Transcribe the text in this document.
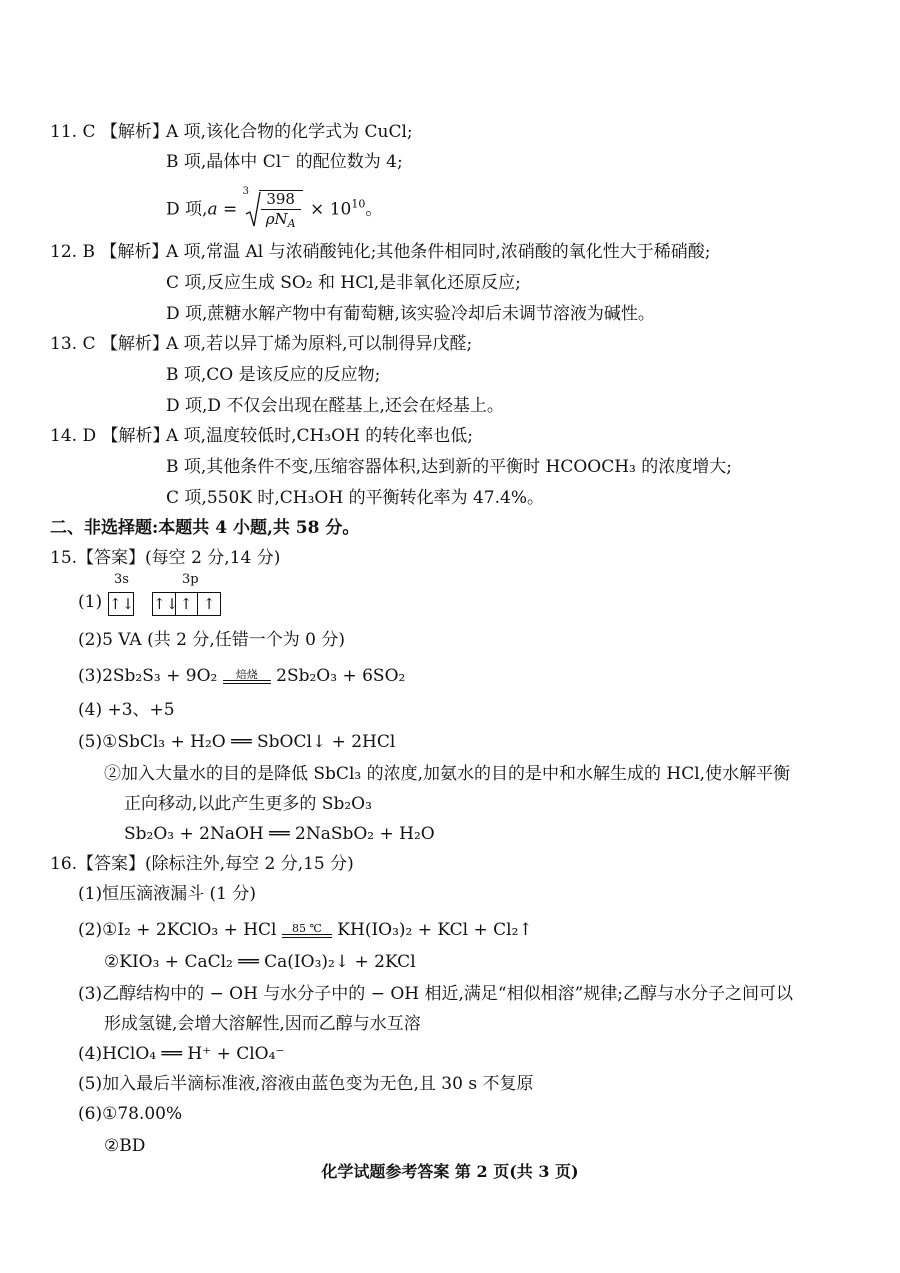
11. C 【解析】
A 项,该化合物的化学式为 CuCl;
B 项,晶体中 Cl− 的配位数为 4;
D 项,a =
3	398
$\rho N_A$
× $10^{10}$。
12. B 【解析】
A 项,常温 Al 与浓硝酸钝化;其他条件相同时,浓硝酸的氧化性大于稀硝酸;
C 项,反应生成 SO₂ 和 HCl,是非氧化还原反应;
D 项,蔗糖水解产物中有葡萄糖,该实验冷却后未调节溶液为碱性。
13. C 【解析】
A 项,若以异丁烯为原料,可以制得异戊醛;
B 项,CO 是该反应的反应物;
D 项,D 不仅会出现在醛基上,还会在烃基上。
14. D 【解析】
A 项,温度较低时,CH₃OH 的转化率也低;
B 项,其他条件不变,压缩容器体积,达到新的平衡时 HCOOCH₃ 的浓度增大;
C 项,550K 时,CH₃OH 的平衡转化率为 47.4%。
二、非选择题:本题共 4 小题,共 58 分。
15.【答案】(每空 2 分,14 分)
(1)
3s	3p
↑↓ ↑↓ ↑ ↑
(2)5 VA (共 2 分,任错一个为 0 分)
(3)2Sb₂S₃ + 9O₂	焙烧	2Sb₂O₃ + 6SO₂
(4) +3、+5
(5)①SbCl₃ + H₂O ══ SbOCl↓ + 2HCl
②加入大量水的目的是降低 SbCl₃ 的浓度,加氨水的目的是中和水解生成的 HCl,使水解平衡
正向移动,以此产生更多的 Sb₂O₃
Sb₂O₃ + 2NaOH ══ 2NaSbO₂ + H₂O
16.【答案】(除标注外,每空 2 分,15 分)
(1)恒压滴液漏斗 (1 分)
(2)①I₂ + 2KClO₃ + HCl	85 ℃ KH(IO₃)₂ + KCl + Cl₂↑
②KIO₃ + CaCl₂ ══ Ca(IO₃)₂↓ + 2KCl
(3)乙醇结构中的 − OH 与水分子中的 − OH 相近,满足“相似相溶”规律;乙醇与水分子之间可以
形成氢键,会增大溶解性,因而乙醇与水互溶
(4)HClO₄ ══ H⁺ + ClO₄⁻
(5)加入最后半滴标准液,溶液由蓝色变为无色,且 30 s 不复原
(6)①78.00%
②BD
化学试题参考答案 第 2 页(共 3 页)
